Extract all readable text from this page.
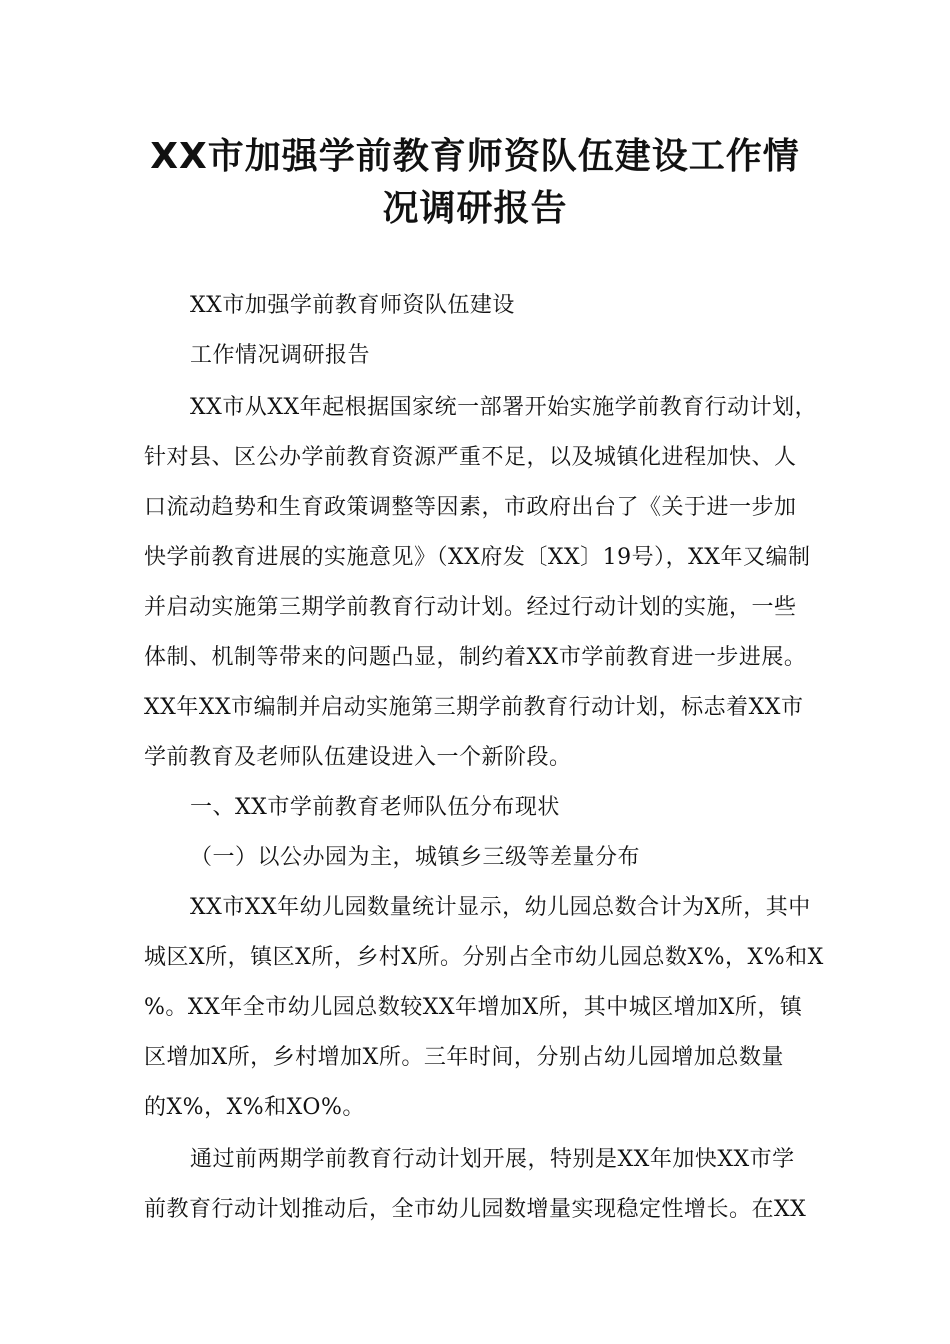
XX市加强学前教育师资队伍建设工作情
况调研报告
XX市加强学前教育师资队伍建设
工作情况调研报告
XX市从XX年起根据国家统一部署开始实施学前教育行动计划，
针对县、区公办学前教育资源严重不足，以及城镇化进程加快、人
口流动趋势和生育政策调整等因素，市政府出台了《关于进一步加
快学前教育进展的实施意见》（XX府发〔XX〕19号），XX年又编制
并启动实施第三期学前教育行动计划。经过行动计划的实施，一些
体制、机制等带来的问题凸显，制约着XX市学前教育进一步进展。
XX年XX市编制并启动实施第三期学前教育行动计划，标志着XX市
学前教育及老师队伍建设进入一个新阶段。
一、XX市学前教育老师队伍分布现状
（一）以公办园为主，城镇乡三级等差量分布
XX市XX年幼儿园数量统计显示，幼儿园总数合计为X所，其中
城区X所，镇区X所，乡村X所。分别占全市幼儿园总数X%，X%和X
%。XX年全市幼儿园总数较XX年增加X所，其中城区增加X所，镇
区增加X所，乡村增加X所。三年时间，分别占幼儿园增加总数量
的X%，X%和XO%。
通过前两期学前教育行动计划开展，特别是XX年加快XX市学
前教育行动计划推动后，全市幼儿园数增量实现稳定性增长。在XX
